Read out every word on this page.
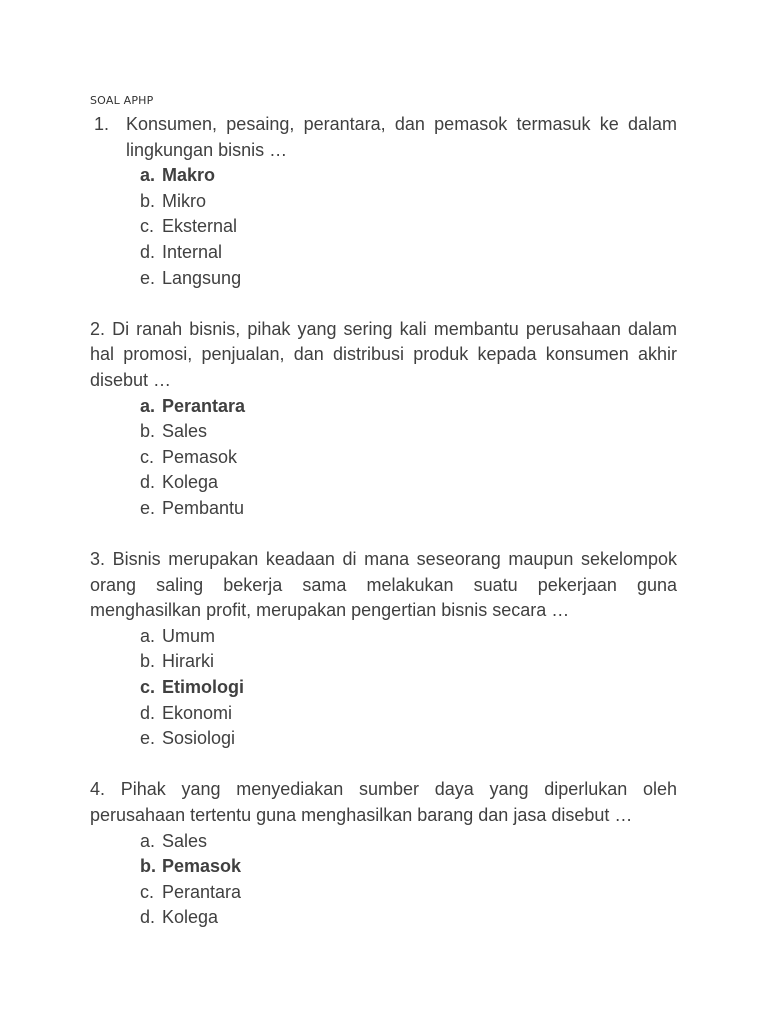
SOAL APHP
1. Konsumen, pesaing, perantara, dan pemasok termasuk ke dalam lingkungan bisnis …
a. Makro
b. Mikro
c. Eksternal
d. Internal
e. Langsung
2. Di ranah bisnis, pihak yang sering kali membantu perusahaan dalam hal promosi, penjualan, dan distribusi produk kepada konsumen akhir disebut …
a. Perantara
b. Sales
c. Pemasok
d. Kolega
e. Pembantu
3. Bisnis merupakan keadaan di mana seseorang maupun sekelompok orang saling bekerja sama melakukan suatu pekerjaan guna menghasilkan profit, merupakan pengertian bisnis secara …
a. Umum
b. Hirarki
c. Etimologi
d. Ekonomi
e. Sosiologi
4. Pihak yang menyediakan sumber daya yang diperlukan oleh perusahaan tertentu guna menghasilkan barang dan jasa disebut …
a. Sales
b. Pemasok
c. Perantara
d. Kolega
